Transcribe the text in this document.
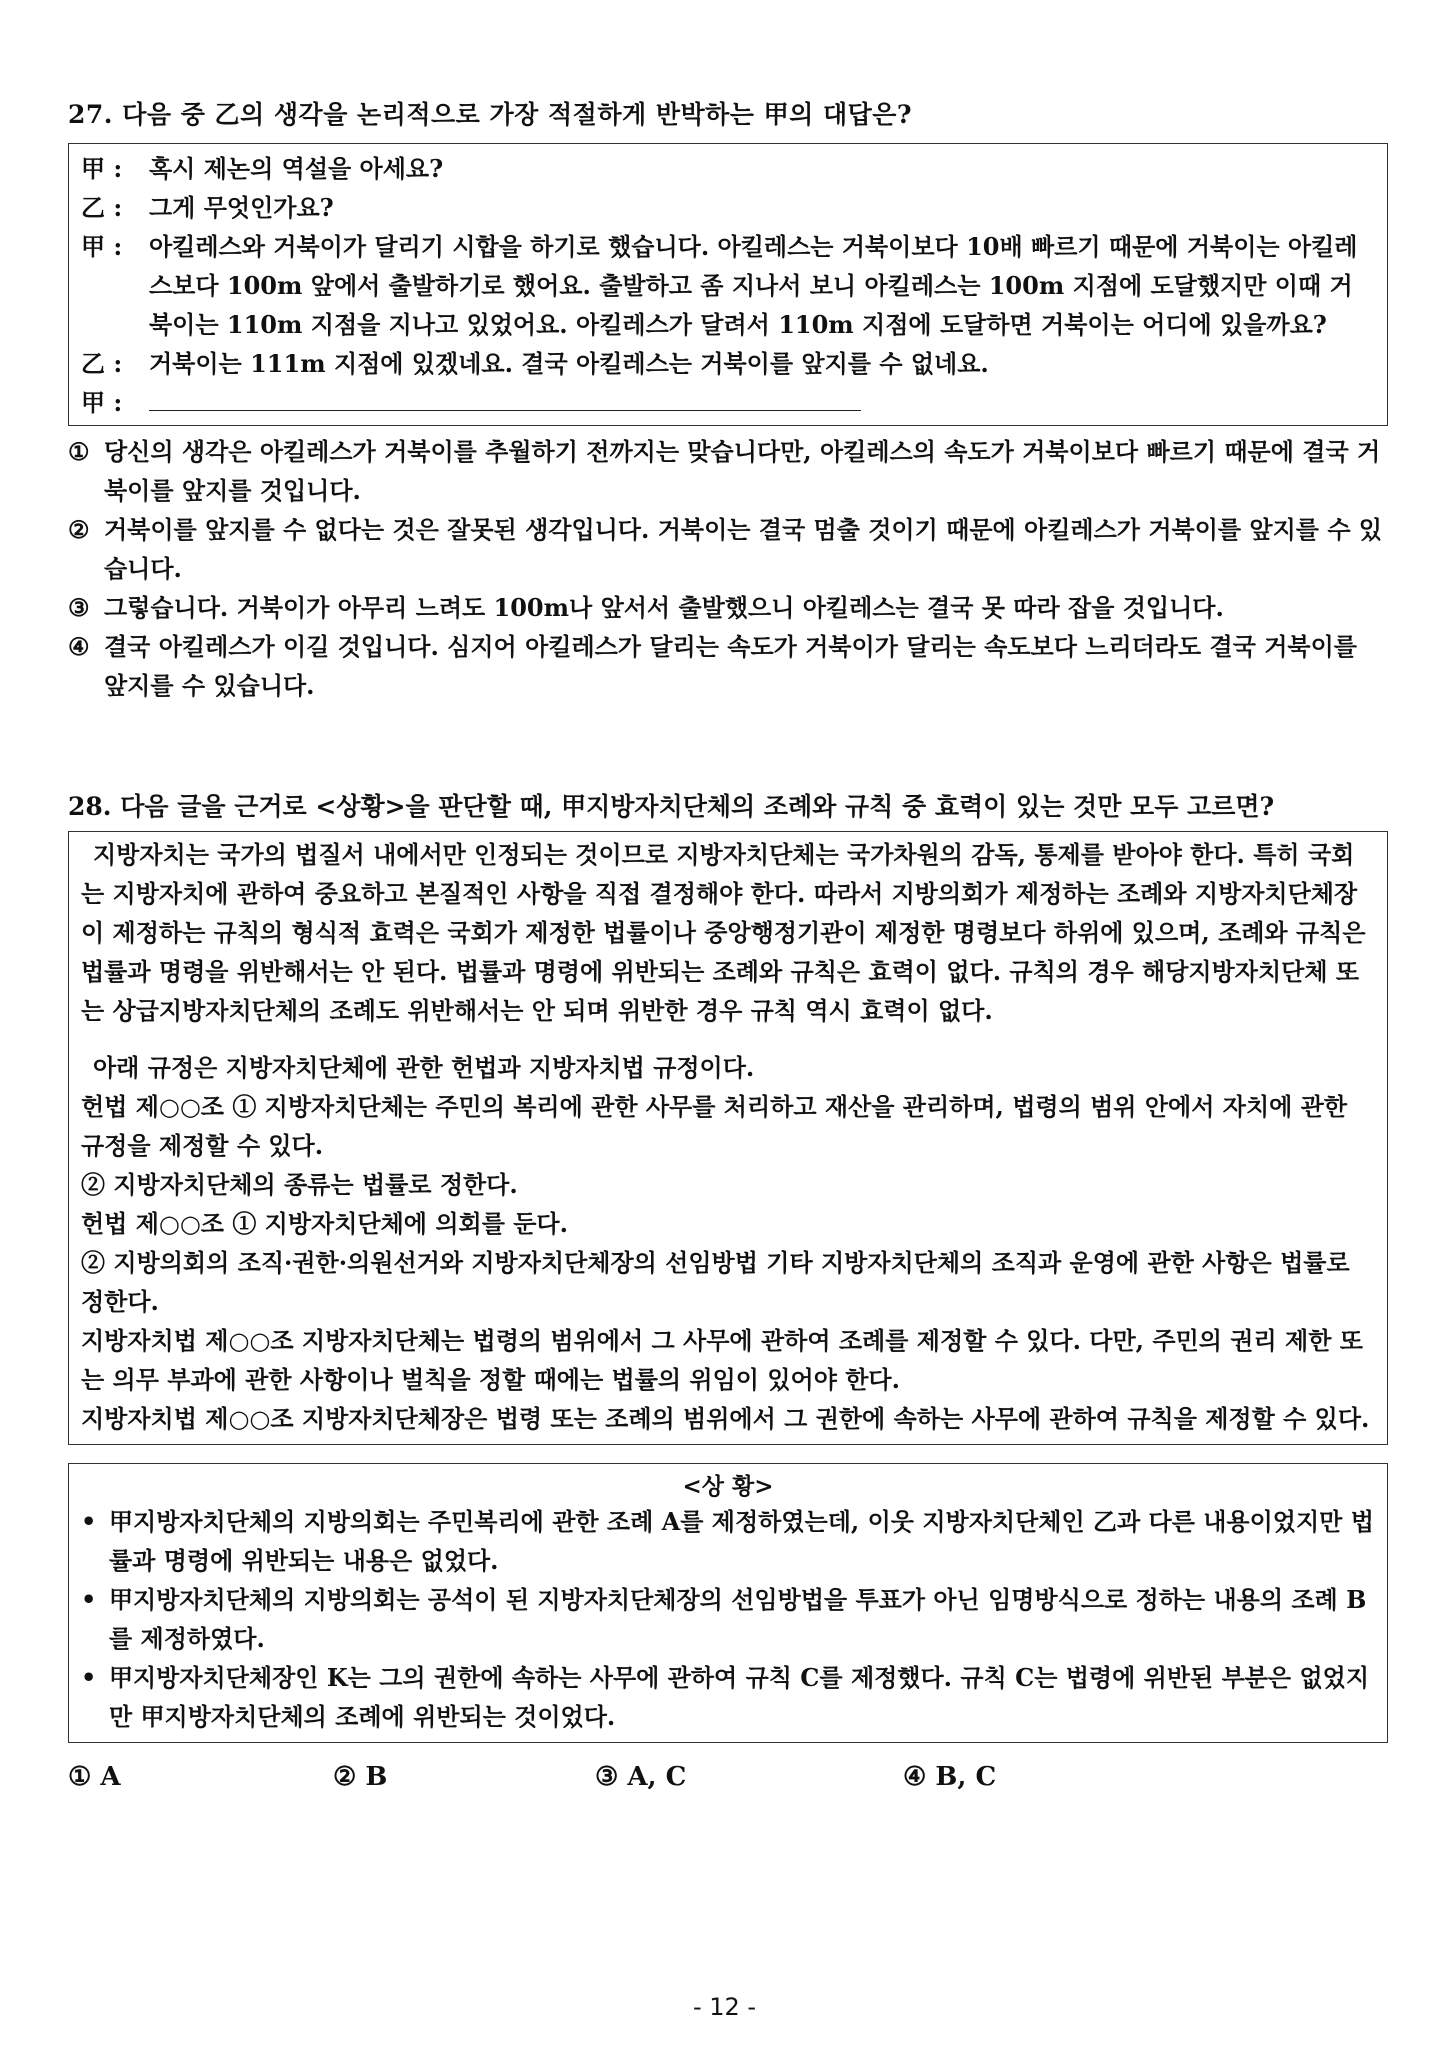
27. 다음 중 乙의 생각을 논리적으로 가장 적절하게 반박하는 甲의 대답은?
甲 :	혹시 제논의 역설을 아세요?
乙 :	그게 무엇인가요?
甲 :	아킬레스와 거북이가 달리기 시합을 하기로 했습니다. 아킬레스는 거북이보다 10배 빠르기 때문에 거북이는 아킬레스보다 100m 앞에서 출발하기로 했어요. 출발하고 좀 지나서 보니 아킬레스는 100m 지점에 도달했지만 이때 거북이는 110m 지점을 지나고 있었어요. 아킬레스가 달려서 110m 지점에 도달하면 거북이는 어디에 있을까요?
乙 :	거북이는 111m 지점에 있겠네요. 결국 아킬레스는 거북이를 앞지를 수 없네요.
甲 :
① 당신의 생각은 아킬레스가 거북이를 추월하기 전까지는 맞습니다만, 아킬레스의 속도가 거북이보다 빠르기 때문에 결국 거북이를 앞지를 것입니다.
② 거북이를 앞지를 수 없다는 것은 잘못된 생각입니다. 거북이는 결국 멈출 것이기 때문에 아킬레스가 거북이를 앞지를 수 있습니다.
③ 그렇습니다. 거북이가 아무리 느려도 100m나 앞서서 출발했으니 아킬레스는 결국 못 따라 잡을 것입니다.
④ 결국 아킬레스가 이길 것입니다. 심지어 아킬레스가 달리는 속도가 거북이가 달리는 속도보다 느리더라도 결국 거북이를 앞지를 수 있습니다.
28. 다음 글을 근거로 <상황>을 판단할 때, 甲지방자치단체의 조례와 규칙 중 효력이 있는 것만 모두 고르면?
지방자치는 국가의 법질서 내에서만 인정되는 것이므로 지방자치단체는 국가차원의 감독, 통제를 받아야 한다. 특히 국회는 지방자치에 관하여 중요하고 본질적인 사항을 직접 결정해야 한다. 따라서 지방의회가 제정하는 조례와 지방자치단체장이 제정하는 규칙의 형식적 효력은 국회가 제정한 법률이나 중앙행정기관이 제정한 명령보다 하위에 있으며, 조례와 규칙은 법률과 명령을 위반해서는 안 된다. 법률과 명령에 위반되는 조례와 규칙은 효력이 없다. 규칙의 경우 해당지방자치단체 또는 상급지방자치단체의 조례도 위반해서는 안 되며 위반한 경우 규칙 역시 효력이 없다.
아래 규정은 지방자치단체에 관한 헌법과 지방자치법 규정이다.
헌법 제○○조 ① 지방자치단체는 주민의 복리에 관한 사무를 처리하고 재산을 관리하며, 법령의 범위 안에서 자치에 관한 규정을 제정할 수 있다.
② 지방자치단체의 종류는 법률로 정한다.
헌법 제○○조 ① 지방자치단체에 의회를 둔다.
② 지방의회의 조직·권한·의원선거와 지방자치단체장의 선임방법 기타 지방자치단체의 조직과 운영에 관한 사항은 법률로 정한다.
지방자치법 제○○조 지방자치단체는 법령의 범위에서 그 사무에 관하여 조례를 제정할 수 있다. 다만, 주민의 권리 제한 또는 의무 부과에 관한 사항이나 벌칙을 정할 때에는 법률의 위임이 있어야 한다.
지방자치법 제○○조 지방자치단체장은 법령 또는 조례의 범위에서 그 권한에 속하는 사무에 관하여 규칙을 제정할 수 있다.
<상 황>
• 甲지방자치단체의 지방의회는 주민복리에 관한 조례 A를 제정하였는데, 이웃 지방자치단체인 乙과 다른 내용이었지만 법률과 명령에 위반되는 내용은 없었다.
• 甲지방자치단체의 지방의회는 공석이 된 지방자치단체장의 선임방법을 투표가 아닌 임명방식으로 정하는 내용의 조례 B를 제정하였다.
• 甲지방자치단체장인 K는 그의 권한에 속하는 사무에 관하여 규칙 C를 제정했다. 규칙 C는 법령에 위반된 부분은 없었지만 甲지방자치단체의 조례에 위반되는 것이었다.
① A	② B	③ A, C	④ B, C
- 12 -
